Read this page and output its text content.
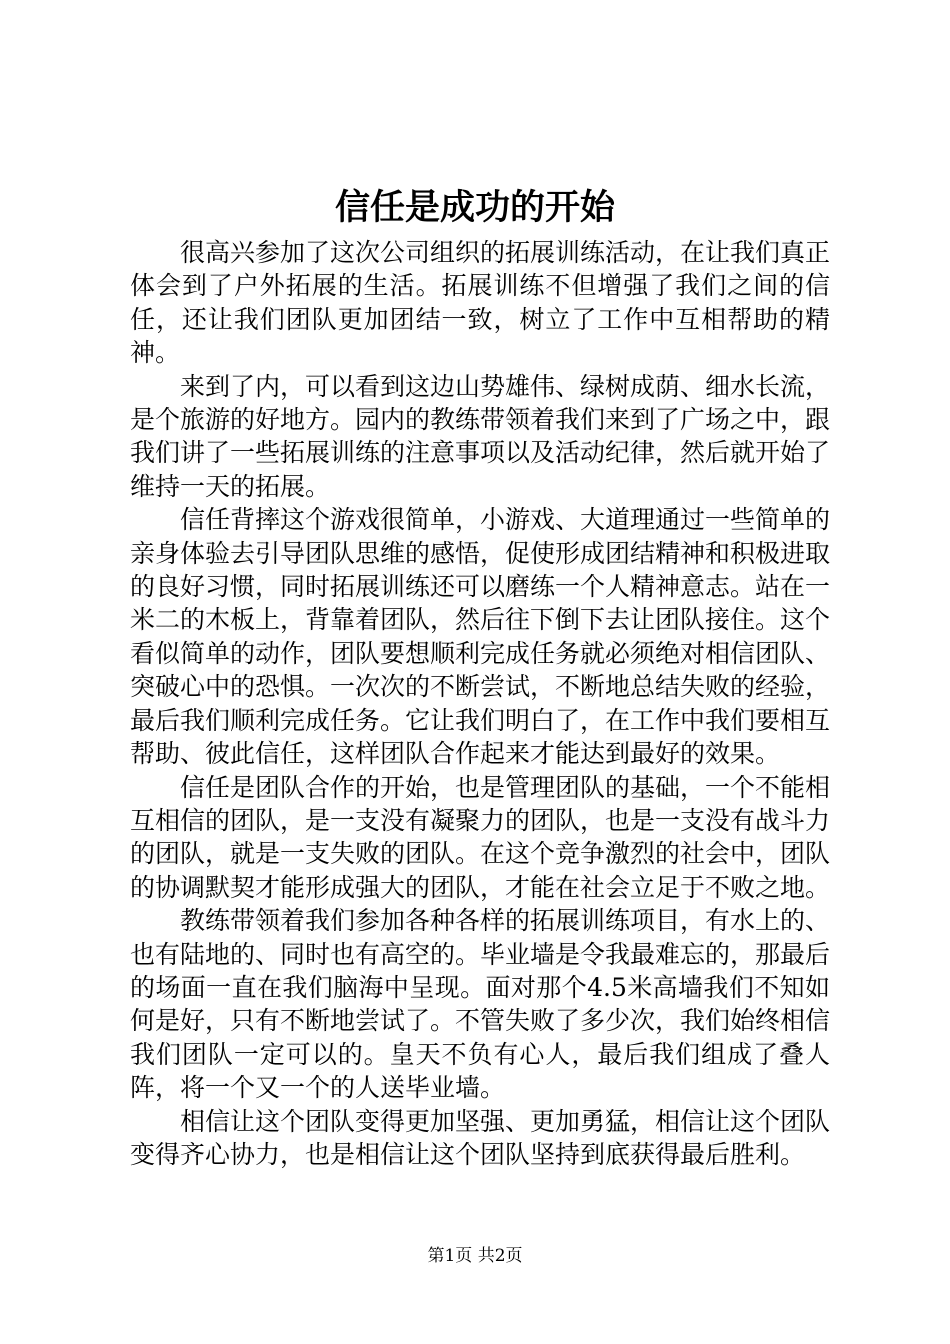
信任是成功的开始

很高兴参加了这次公司组织的拓展训练活动，在让我们真正体会到了户外拓展的生活。拓展训练不但增强了我们之间的信任，还让我们团队更加团结一致，树立了工作中互相帮助的精神。

来到了内，可以看到这边山势雄伟、绿树成荫、细水长流，是个旅游的好地方。园内的教练带领着我们来到了广场之中，跟我们讲了一些拓展训练的注意事项以及活动纪律，然后就开始了维持一天的拓展。

信任背摔这个游戏很简单，小游戏、大道理通过一些简单的亲身体验去引导团队思维的感悟，促使形成团结精神和积极进取的良好习惯，同时拓展训练还可以磨练一个人精神意志。站在一米二的木板上，背靠着团队，然后往下倒下去让团队接住。这个看似简单的动作，团队要想顺利完成任务就必须绝对相信团队、突破心中的恐惧。一次次的不断尝试，不断地总结失败的经验，最后我们顺利完成任务。它让我们明白了，在工作中我们要相互帮助、彼此信任，这样团队合作起来才能达到最好的效果。

信任是团队合作的开始，也是管理团队的基础，一个不能相互相信的团队，是一支没有凝聚力的团队，也是一支没有战斗力的团队，就是一支失败的团队。在这个竞争激烈的社会中，团队的协调默契才能形成强大的团队，才能在社会立足于不败之地。

教练带领着我们参加各种各样的拓展训练项目，有水上的、也有陆地的、同时也有高空的。毕业墙是令我最难忘的，那最后的场面一直在我们脑海中呈现。面对那个4.5米高墙我们不知如何是好，只有不断地尝试了。不管失败了多少次，我们始终相信我们团队一定可以的。皇天不负有心人，最后我们组成了叠人阵，将一个又一个的人送毕业墙。

相信让这个团队变得更加坚强、更加勇猛，相信让这个团队变得齐心协力，也是相信让这个团队坚持到底获得最后胜利。

第1页 共2页
